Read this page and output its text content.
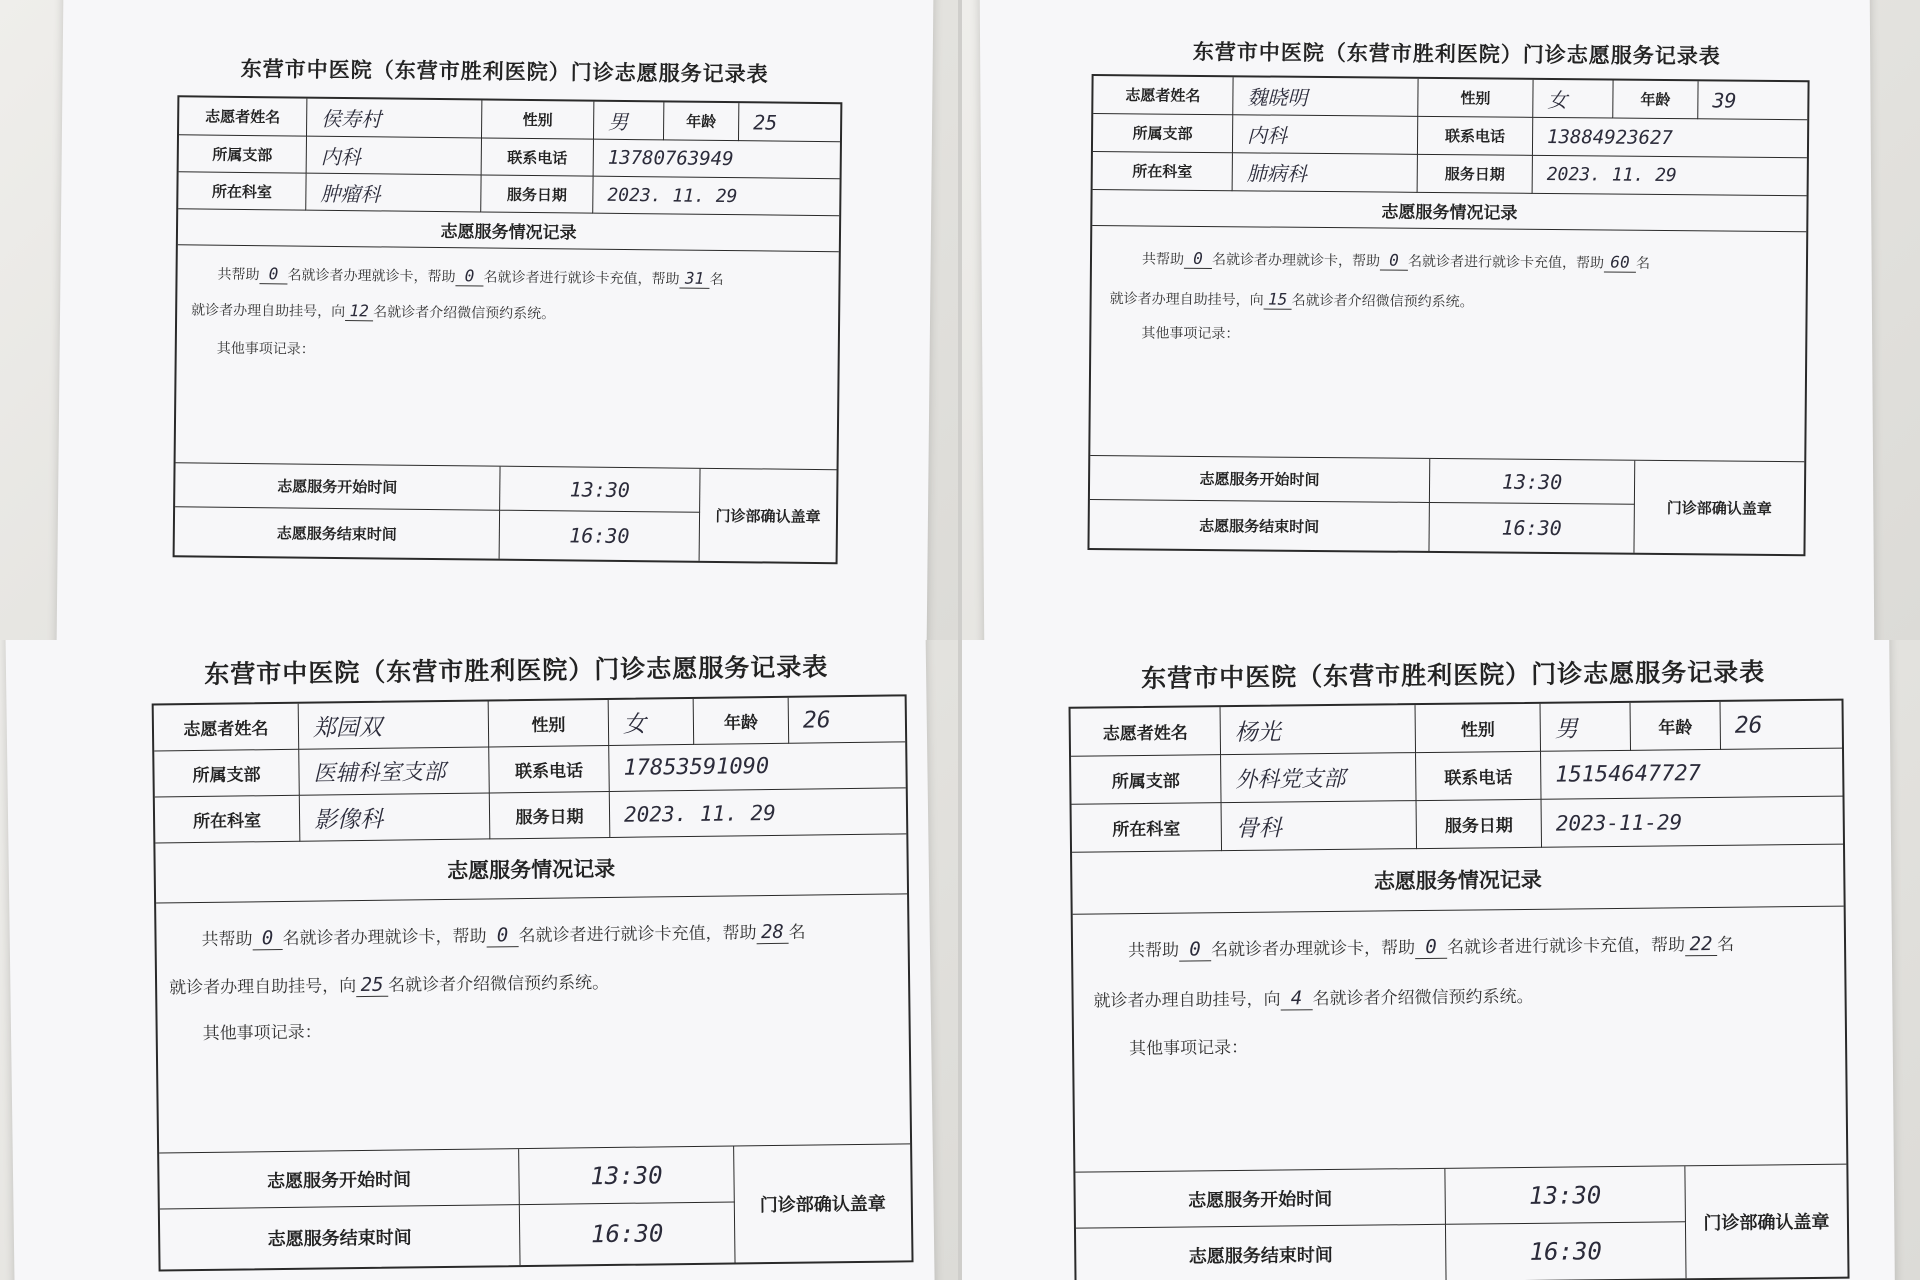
东营市中医院（东营市胜利医院）门诊志愿服务记录表
志愿者姓名	侯寿村	性别	男	年龄	25
所属支部	内科	联系电话	13780763949
所在科室	肿瘤科	服务日期	2023. 11. 29
志愿服务情况记录
共帮助 0 名就诊者办理就诊卡，帮助 0 名就诊者进行就诊卡充值，帮助 31 名
就诊者办理自助挂号，向 12 名就诊者介绍微信预约系统。
其他事项记录：
志愿服务开始时间	13:30
志愿服务结束时间	16:30
门诊部确认盖章
东营市中医院（东营市胜利医院）门诊志愿服务记录表
志愿者姓名	魏晓明	性别	女	年龄	39
所属支部	内科	联系电话	13884923627
所在科室	肺病科	服务日期	2023. 11. 29
志愿服务情况记录
共帮助 0 名就诊者办理就诊卡，帮助 0 名就诊者进行就诊卡充值，帮助 60 名
就诊者办理自助挂号，向 15 名就诊者介绍微信预约系统。
其他事项记录：
志愿服务开始时间	13:30
志愿服务结束时间	16:30
门诊部确认盖章
东营市中医院（东营市胜利医院）门诊志愿服务记录表
志愿者姓名	郑园双	性别	女	年龄	26
所属支部	医辅科室支部	联系电话	17853591090
所在科室	影像科	服务日期	2023. 11. 29
志愿服务情况记录
共帮助 0 名就诊者办理就诊卡，帮助 0 名就诊者进行就诊卡充值，帮助 28 名
就诊者办理自助挂号，向 25 名就诊者介绍微信预约系统。
其他事项记录：
志愿服务开始时间	13:30
志愿服务结束时间	16:30
门诊部确认盖章
东营市中医院（东营市胜利医院）门诊志愿服务记录表
志愿者姓名	杨光	性别	男	年龄	26
所属支部	外科党支部	联系电话	15154647727
所在科室	骨科	服务日期	2023-11-29
志愿服务情况记录
共帮助 0 名就诊者办理就诊卡，帮助 0 名就诊者进行就诊卡充值，帮助 22 名
就诊者办理自助挂号，向 4 名就诊者介绍微信预约系统。
其他事项记录：
志愿服务开始时间	13:30
志愿服务结束时间	16:30
门诊部确认盖章
